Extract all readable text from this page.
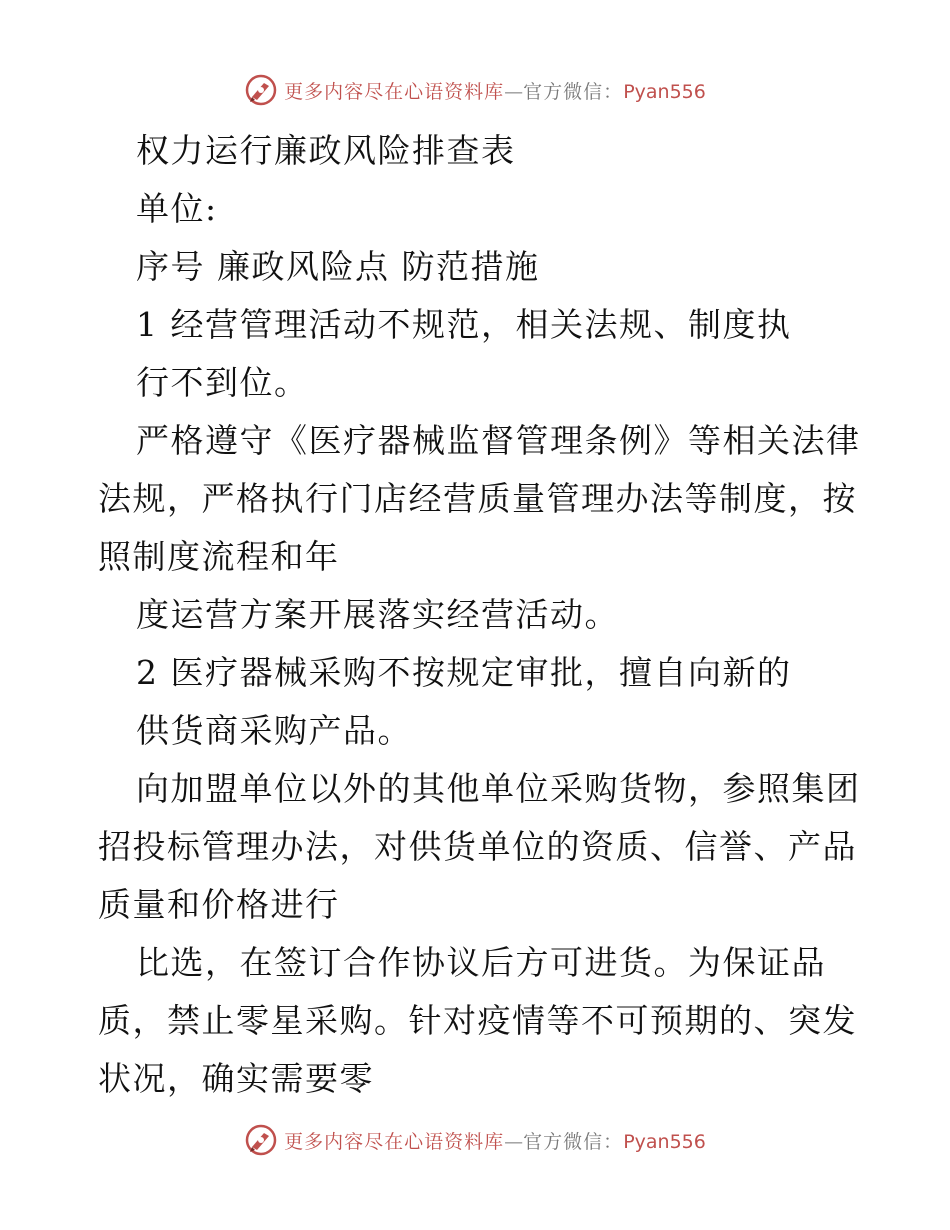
更多内容尽在心语资料库—官方微信：Pyan556
权力运行廉政风险排查表
单位:
序号 廉政风险点 防范措施
1 经营管理活动不规范，相关法规、制度执
行不到位。
严格遵守《医疗器械监督管理条例》等相关法律
法规，严格执行门店经营质量管理办法等制度，按
照制度流程和年
度运营方案开展落实经营活动。
2 医疗器械采购不按规定审批，擅自向新的
供货商采购产品。
向加盟单位以外的其他单位采购货物，参照集团
招投标管理办法，对供货单位的资质、信誉、产品
质量和价格进行
比选，在签订合作协议后方可进货。为保证品
质，禁止零星采购。针对疫情等不可预期的、突发
状况，确实需要零
更多内容尽在心语资料库—官方微信：Pyan556
